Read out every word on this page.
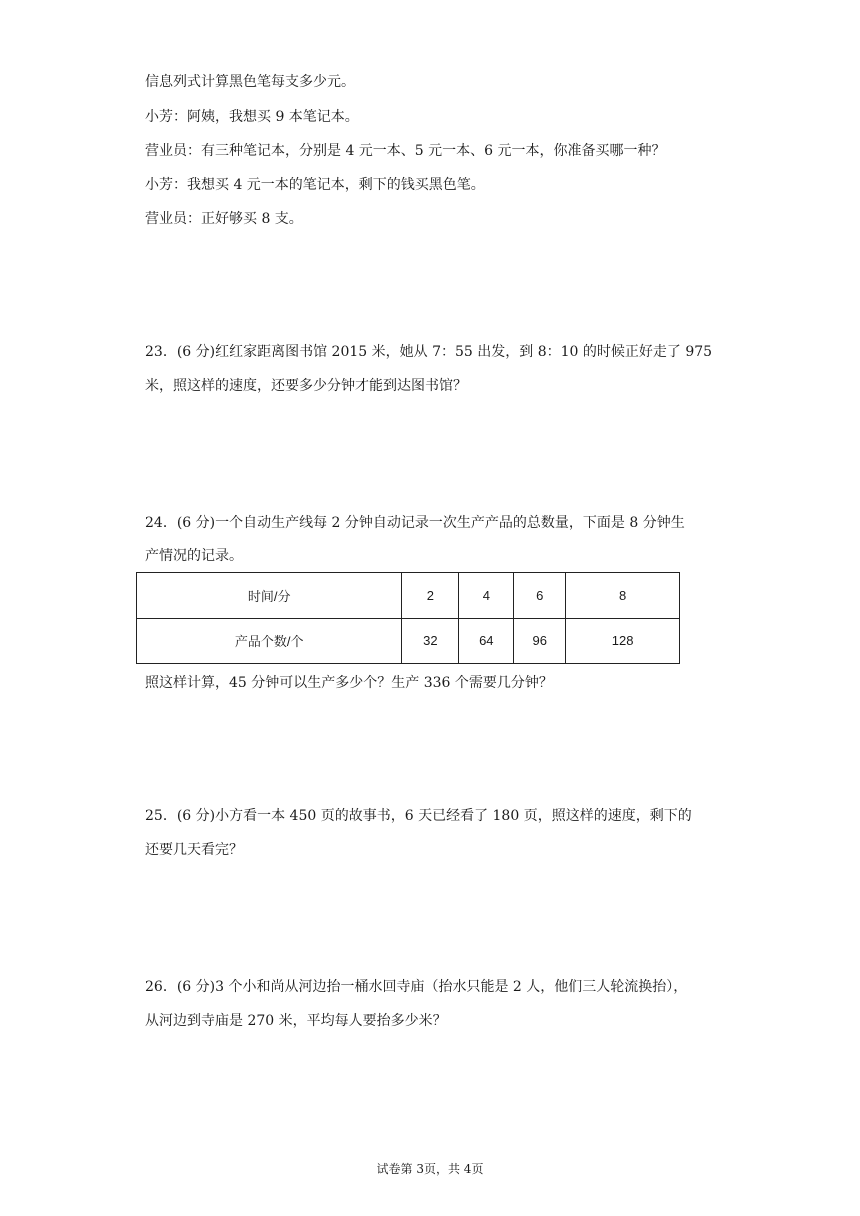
信息列式计算黑色笔每支多少元。
小芳：阿姨，我想买 9 本笔记本。
营业员：有三种笔记本，分别是 4 元一本、5 元一本、6 元一本，你准备买哪一种？
小芳：我想买 4 元一本的笔记本，剩下的钱买黑色笔。
营业员：正好够买 8 支。
23．(6 分)红红家距离图书馆 2015 米，她从 7：55 出发，到 8：10 的时候正好走了 975
米，照这样的速度，还要多少分钟才能到达图书馆？
24．(6 分)一个自动生产线每 2 分钟自动记录一次生产产品的总数量，下面是 8 分钟生
产情况的记录。
时间/分	2	4	6	8
产品个数/个	32	64	96	128
照这样计算，45 分钟可以生产多少个？生产 336 个需要几分钟？
25．(6 分)小方看一本 450 页的故事书，6 天已经看了 180 页，照这样的速度，剩下的
还要几天看完？
26．(6 分)3 个小和尚从河边抬一桶水回寺庙（抬水只能是 2 人，他们三人轮流换抬），
从河边到寺庙是 270 米，平均每人要抬多少米？
试卷第 3页，共 4页
